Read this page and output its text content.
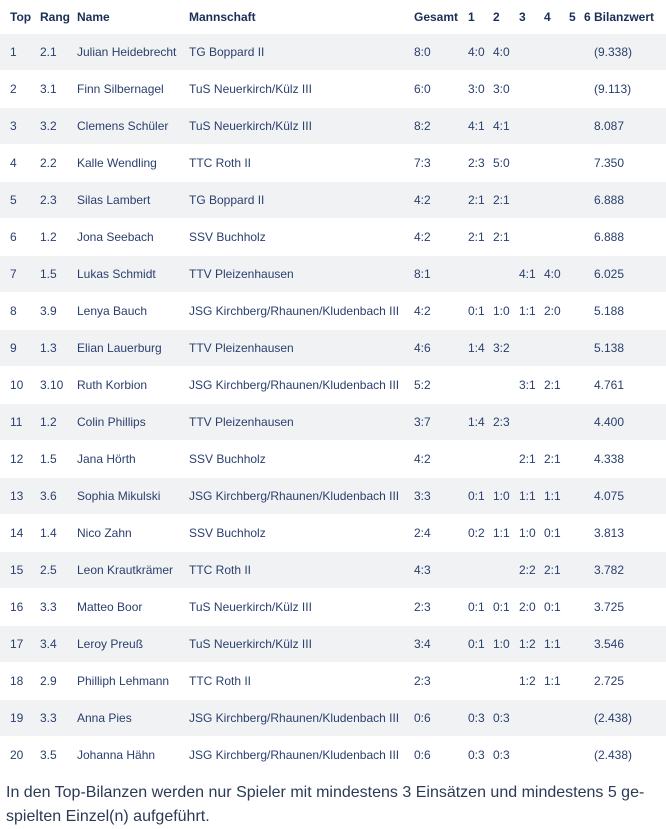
Top	Rang	Name	Mannschaft	Gesamt	1	2	3	4	5	6	Bilanzwert
1	2.1	Julian Heidebrecht	TG Boppard II	8:0	4:0	4:0					(9.338)
2	3.1	Finn Silbernagel	TuS Neuerkirch/Külz III	6:0	3:0	3:0					(9.113)
3	3.2	Clemens Schüler	TuS Neuerkirch/Külz III	8:2	4:1	4:1					8.087
4	2.2	Kalle Wendling	TTC Roth II	7:3	2:3	5:0					7.350
5	2.3	Silas Lambert	TG Boppard II	4:2	2:1	2:1					6.888
6	1.2	Jona Seebach	SSV Buchholz	4:2	2:1	2:1					6.888
7	1.5	Lukas Schmidt	TTV Pleizenhausen	8:1			4:1	4:0			6.025
8	3.9	Lenya Bauch	JSG Kirchberg/Rhaunen/Kludenbach III	4:2	0:1	1:0	1:1	2:0			5.188
9	1.3	Elian Lauerburg	TTV Pleizenhausen	4:6	1:4	3:2					5.138
10	3.10	Ruth Korbion	JSG Kirchberg/Rhaunen/Kludenbach III	5:2			3:1	2:1			4.761
11	1.2	Colin Phillips	TTV Pleizenhausen	3:7	1:4	2:3					4.400
12	1.5	Jana Hörth	SSV Buchholz	4:2			2:1	2:1			4.338
13	3.6	Sophia Mikulski	JSG Kirchberg/Rhaunen/Kludenbach III	3:3	0:1	1:0	1:1	1:1			4.075
14	1.4	Nico Zahn	SSV Buchholz	2:4	0:2	1:1	1:0	0:1			3.813
15	2.5	Leon Krautkrämer	TTC Roth II	4:3			2:2	2:1			3.782
16	3.3	Matteo Boor	TuS Neuerkirch/Külz III	2:3	0:1	0:1	2:0	0:1			3.725
17	3.4	Leroy Preuß	TuS Neuerkirch/Külz III	3:4	0:1	1:0	1:2	1:1			3.546
18	2.9	Philliph Lehmann	TTC Roth II	2:3			1:2	1:1			2.725
19	3.3	Anna Pies	JSG Kirchberg/Rhaunen/Kludenbach III	0:6	0:3	0:3					(2.438)
20	3.5	Johanna Hähn	JSG Kirchberg/Rhaunen/Kludenbach III	0:6	0:3	0:3					(2.438)
In den Top-Bilanzen werden nur Spieler mit mindestens 3 Einsätzen und mindestens 5 ge-spielten Einzel(n) aufgeführt.
